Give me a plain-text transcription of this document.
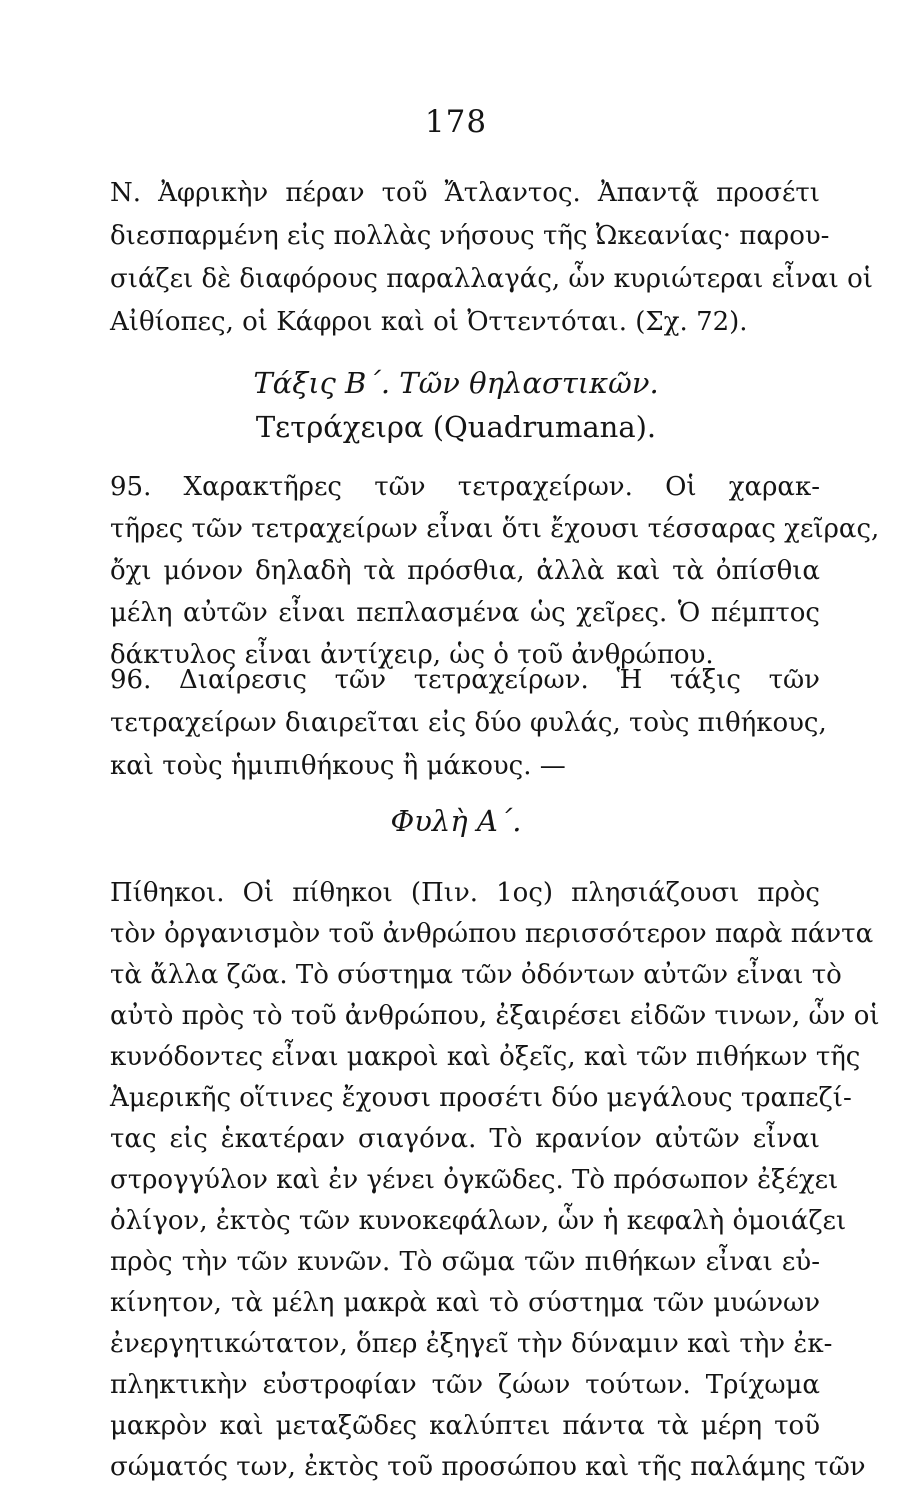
178
Ν. Ἀφρικὴν πέραν τοῦ Ἄτλαντος. Ἀπαντᾷ προσέτι
διεσπαρμένη εἰς πολλὰς νήσους τῆς Ὠκεανίας· παρου-
σιάζει δὲ διαφόρους παραλλαγάς, ὧν κυριώτεραι εἶναι οἱ
Αἰθίοπες, οἱ Κάφροι καὶ οἱ Ὀττεντόται. (Σχ. 72).
Τάξις Β΄. Τῶν θηλαστικῶν.
Τετράχειρα (Quadrumana).
95. Χαρακτῆρες τῶν τετραχείρων. Οἱ χαρακ-
τῆρες τῶν τετραχείρων εἶναι ὅτι ἔχουσι τέσσαρας χεῖρας,
ὄχι μόνον δηλαδὴ τὰ πρόσθια, ἀλλὰ καὶ τὰ ὀπίσθια
μέλη αὐτῶν εἶναι πεπλασμένα ὡς χεῖρες. Ὁ πέμπτος
δάκτυλος εἶναι ἀντίχειρ, ὡς ὁ τοῦ ἀνθρώπου.
96. Διαίρεσις τῶν τετραχείρων. Ἡ τάξις τῶν
τετραχείρων διαιρεῖται εἰς δύο φυλάς, τοὺς πιθήκους,
καὶ τοὺς ἡμιπιθήκους ἢ μάκους. —
Φυλὴ Α΄.
Πίθηκοι. Οἱ πίθηκοι (Πιν. 1ος) πλησιάζουσι πρὸς
τὸν ὀργανισμὸν τοῦ ἀνθρώπου περισσότερον παρὰ πάντα
τὰ ἄλλα ζῶα. Τὸ σύστημα τῶν ὀδόντων αὐτῶν εἶναι τὸ
αὐτὸ πρὸς τὸ τοῦ ἀνθρώπου, ἐξαιρέσει εἰδῶν τινων, ὧν οἱ
κυνόδοντες εἶναι μακροὶ καὶ ὀξεῖς, καὶ τῶν πιθήκων τῆς
Ἀμερικῆς οἵτινες ἔχουσι προσέτι δύο μεγάλους τραπεζί-
τας εἰς ἑκατέραν σιαγόνα. Τὸ κρανίον αὐτῶν εἶναι
στρογγύλον καὶ ἐν γένει ὀγκῶδες. Τὸ πρόσωπον ἐξέχει
ὀλίγον, ἐκτὸς τῶν κυνοκεφάλων, ὧν ἡ κεφαλὴ ὁμοιάζει
πρὸς τὴν τῶν κυνῶν. Τὸ σῶμα τῶν πιθήκων εἶναι εὐ-
κίνητον, τὰ μέλη μακρὰ καὶ τὸ σύστημα τῶν μυώνων
ἐνεργητικώτατον, ὅπερ ἐξηγεῖ τὴν δύναμιν καὶ τὴν ἐκ-
πληκτικὴν εὐστροφίαν τῶν ζώων τούτων. Τρίχωμα
μακρὸν καὶ μεταξῶδες καλύπτει πάντα τὰ μέρη τοῦ
σώματός των, ἐκτὸς τοῦ προσώπου καὶ τῆς παλάμης τῶν
